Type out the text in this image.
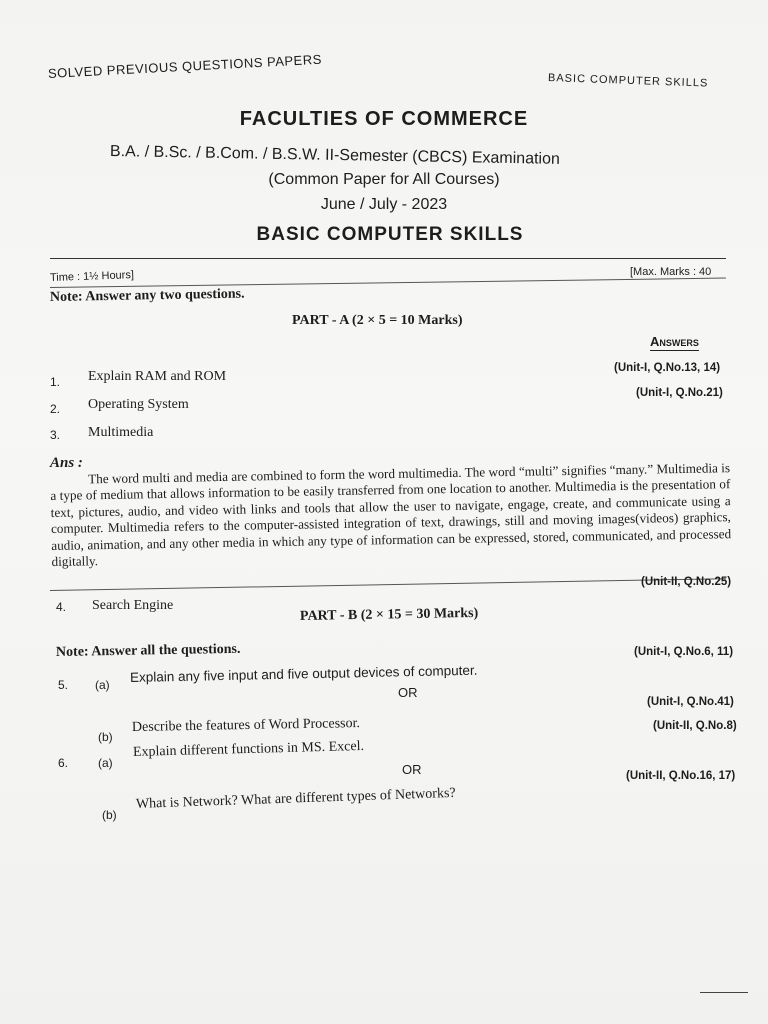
SOLVED PREVIOUS QUESTIONS PAPERS	BASIC COMPUTER SKILLS
FACULTIES OF COMMERCE
B.A. / B.Sc. / B.Com. / B.S.W. II-Semester (CBCS) Examination
(Common Paper for All Courses)
June / July - 2023
BASIC COMPUTER SKILLS
Time : 1½ Hours]	[Max. Marks : 40
Note: Answer any two questions.
PART - A (2 × 5 = 10 Marks)
Answers
1. Explain RAM and ROM
(Unit-I, Q.No.13, 14)
2. Operating System
(Unit-I, Q.No.21)
3. Multimedia
Ans : The word multi and media are combined to form the word multimedia. The word “multi” signifies “many.” Multimedia is a type of medium that allows information to be easily transferred from one location to another. Multimedia is the presentation of text, pictures, audio, and video with links and tools that allow the user to navigate, engage, create, and communicate using a computer. Multimedia refers to the computer-assisted integration of text, drawings, still and moving images(videos) graphics, audio, animation, and any other media in which any type of information can be expressed, stored, communicated, and processed digitally.

4. Search Engine
(Unit-II, Q.No.25)
PART - B (2 × 15 = 30 Marks)
Note: Answer all the questions.
5. (a)
Explain any five input and five output devices of computer.
(Unit-I, Q.No.6, 11)
OR
(b)
Describe the features of Word Processor.
(Unit-I, Q.No.41)
6. (a)
Explain different functions in MS. Excel.
(Unit-II, Q.No.8)
OR
(b)
What is Network? What are different types of Networks?
(Unit-II, Q.No.16, 17)
